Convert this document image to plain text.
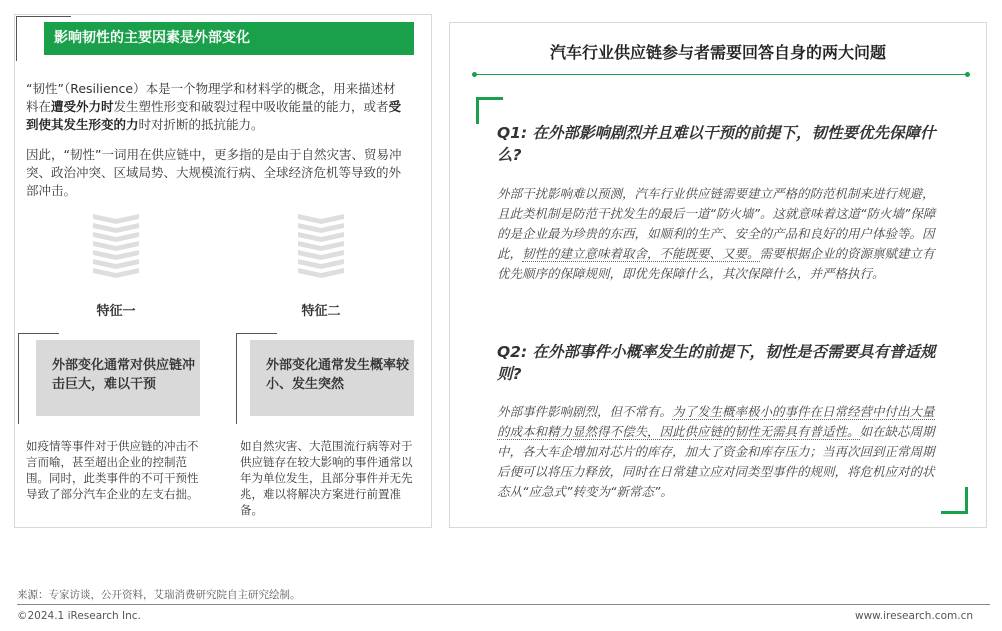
影响韧性的主要因素是外部变化
“韧性”（Resilience）本是一个物理学和材料学的概念，用来描述材料在遭受外力时发生塑性形变和破裂过程中吸收能量的能力，或者受到使其发生形变的力时对折断的抵抗能力。
因此，“韧性”一词用在供应链中，更多指的是由于自然灾害、贸易冲突、政治冲突、区域局势、大规模流行病、全球经济危机等导致的外部冲击。
特征一	特征二
外部变化通常对供应链冲击巨大，难以干预
外部变化通常发生概率较小、发生突然
如疫情等事件对于供应链的冲击不言而喻，甚至超出企业的控制范围。同时，此类事件的不可干预性导致了部分汽车企业的左支右拙。
如自然灾害、大范围流行病等对于供应链存在较大影响的事件通常以年为单位发生，且部分事件并无先兆，难以将解决方案进行前置准备。
汽车行业供应链参与者需要回答自身的两大问题
Q1: 在外部影响剧烈并且难以干预的前提下，韧性要优先保障什么?
外部干扰影响难以预测，汽车行业供应链需要建立严格的防范机制来进行规避，且此类机制是防范干扰发生的最后一道“防火墙”。这就意味着这道“防火墙”保障的是企业最为珍贵的东西，如顺利的生产、安全的产品和良好的用户体验等。因此，韧性的建立意味着取舍，不能既要、又要。需要根据企业的资源禀赋建立有优先顺序的保障规则，即优先保障什么，其次保障什么，并严格执行。
Q2: 在外部事件小概率发生的前提下，韧性是否需要具有普适规则?
外部事件影响剧烈，但不常有。为了发生概率极小的事件在日常经营中付出大量的成本和精力显然得不偿失，因此供应链的韧性无需具有普适性。如在缺芯周期中，各大车企增加对芯片的库存，加大了资金和库存压力；当再次回到正常周期后便可以将压力释放，同时在日常建立应对同类型事件的规则，将危机应对的状态从“应急式”转变为“新常态”。
来源：专家访谈，公开资料，艾瑞消费研究院自主研究绘制。
©2024.1 iResearch Inc.	www.iresearch.com.cn
